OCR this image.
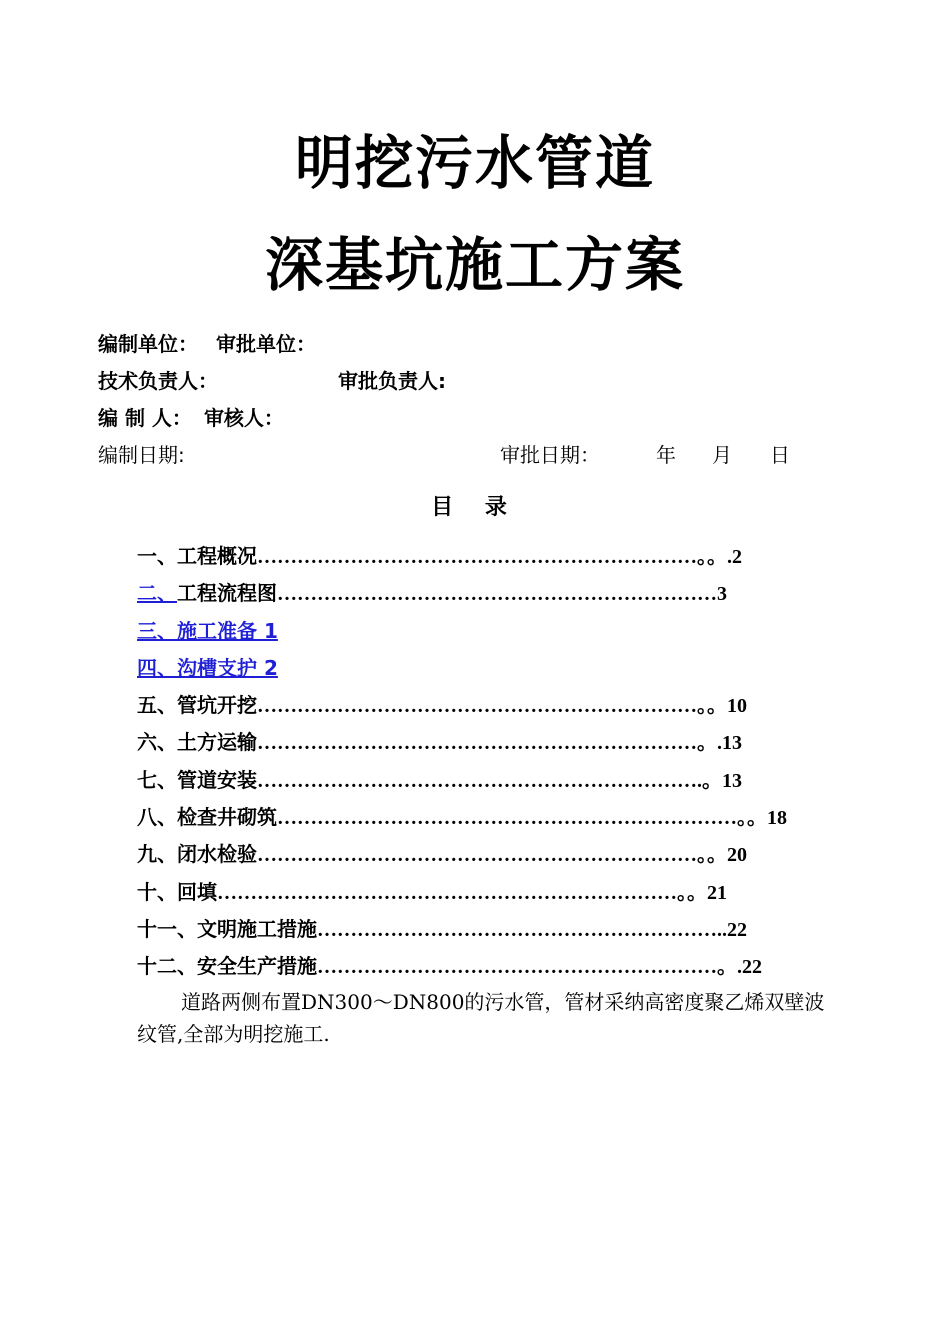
明挖污水管道
深基坑施工方案
编制单位： 审批单位：
技术负责人：	审批负责人:
编 制 人： 审核人：
编制日期:	审批日期：	年 月 日
目 录
一、工程概况…………………………………………………………。。.2
二、工程流程图…………………………………………………………3
三、施工准备 1
四、沟槽支护 2
五、管坑开挖…………………………………………………………。。10
六、土方运输…………………………………………………………。.13
七、管道安装………………………………………………………….。13
八、检查井砌筑……………………………………………………………。。18
九、闭水检验…………………………………………………………。。20
十、回填……………………………………………………………。。21
十一、文明施工措施……………………………………………………..22
十二、安全生产措施……………………………………………………。.22
道路两侧布置DN300～DN800的污水管，管材采纳高密度聚乙烯双壁波纹管,全部为明挖施工.
